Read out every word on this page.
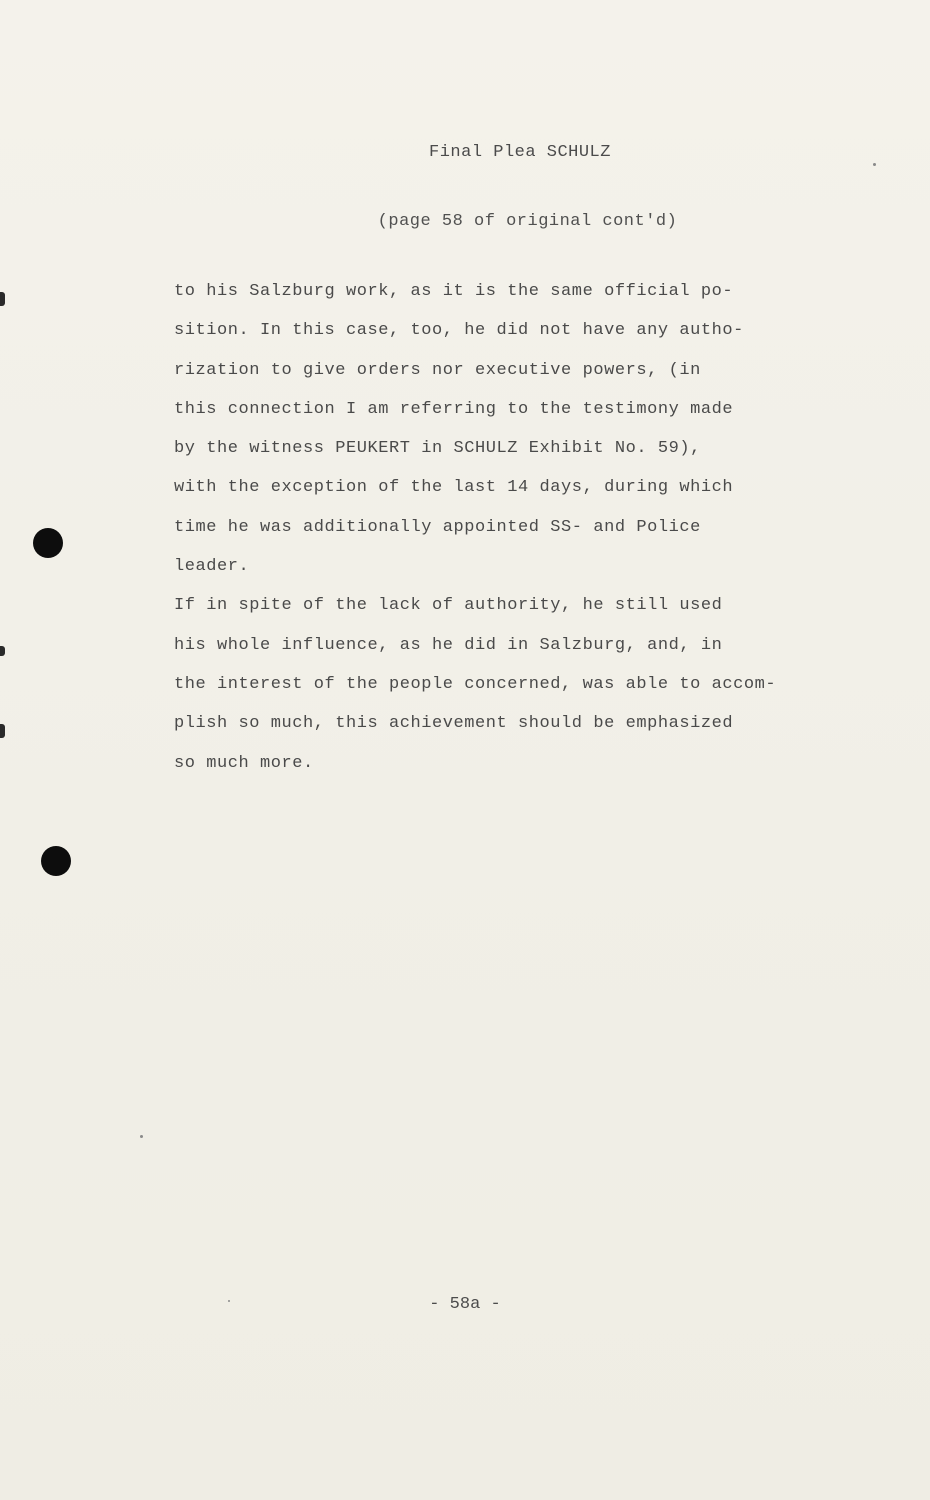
Final Plea SCHULZ
(page 58 of original cont'd)
to his Salzburg work, as it is the same official po-
sition. In this case, too, he did not have any autho-
rization to give orders nor executive powers, (in
this connection I am referring to the testimony made
by the witness PEUKERT in SCHULZ Exhibit No. 59),
with the exception of the last 14 days, during which
time he was additionally appointed SS- and Police
leader.
If in spite of the lack of authority, he still used
his whole influence, as he did in Salzburg, and, in
the interest of the people concerned, was able to accom-
plish so much, this achievement should be emphasized
so much more.
- 58a -
